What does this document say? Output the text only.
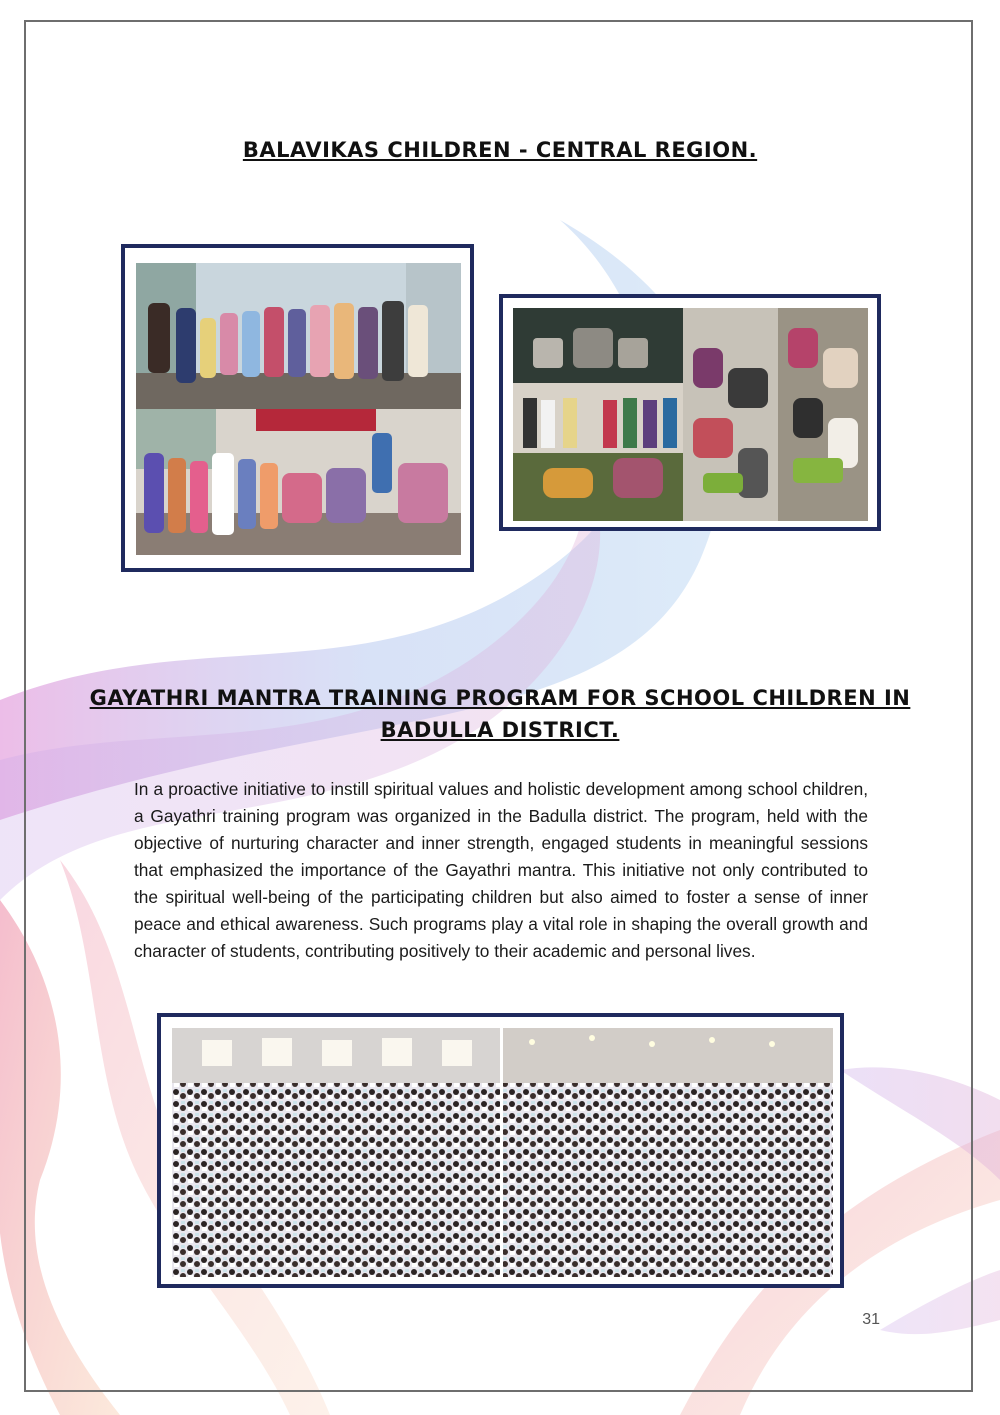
BALAVIKAS CHILDREN - CENTRAL REGION.
GAYATHRI MANTRA TRAINING PROGRAM FOR SCHOOL CHILDREN IN
BADULLA DISTRICT.

In a proactive initiative to instill spiritual values and holistic development among school children, a Gayathri training program was organized in the Badulla district. The program, held with the objective of nurturing character and inner strength, engaged students in meaningful sessions that emphasized the importance of the Gayathri mantra. This initiative not only contributed to the spiritual well-being of the participating children but also aimed to foster a sense of inner peace and ethical awareness. Such programs play a vital role in shaping the overall growth and character of students, contributing positively to their academic and personal lives.

31
